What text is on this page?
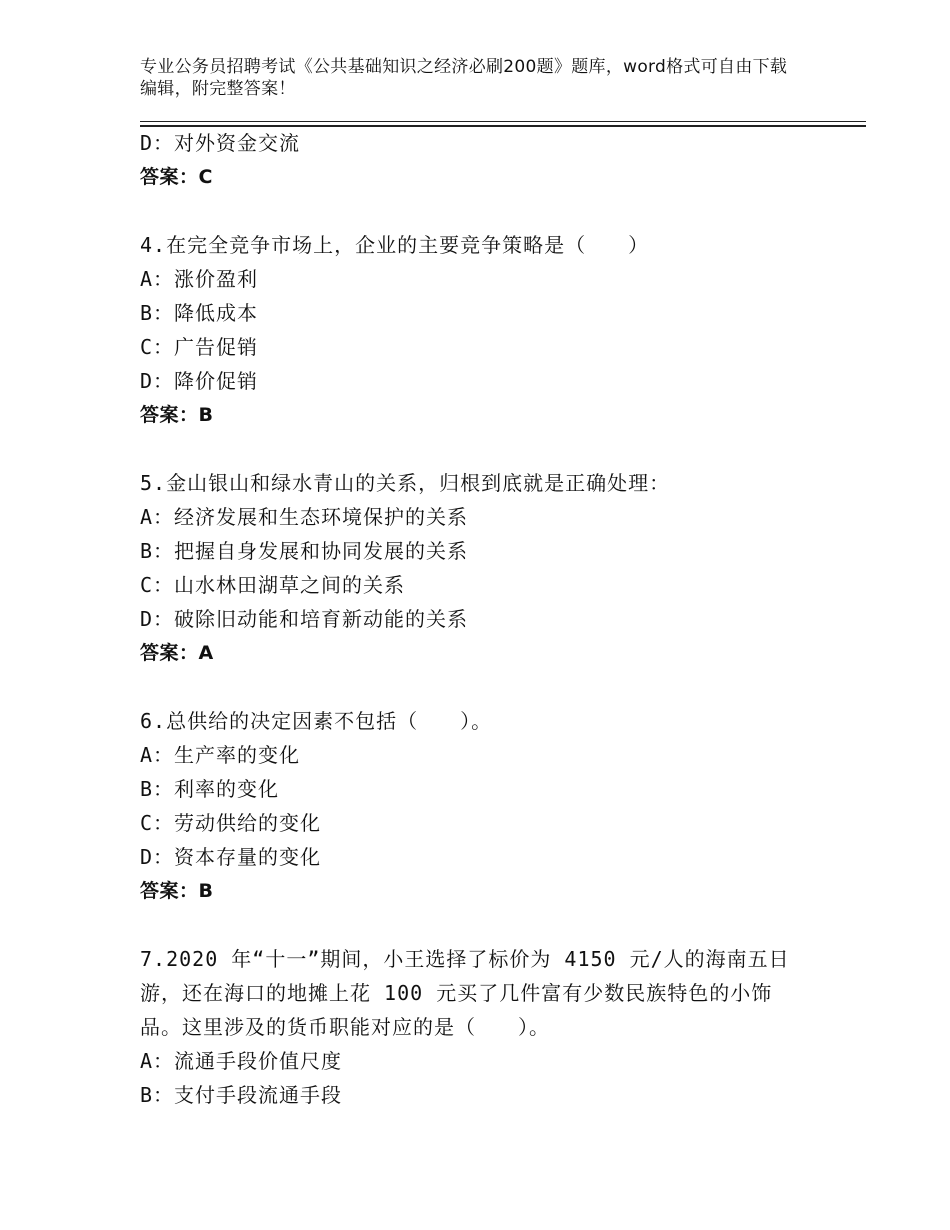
专业公务员招聘考试《公共基础知识之经济必刷200题》题库，word格式可自由下载编辑，附完整答案！
D：对外资金交流
答案：C
4.在完全竞争市场上，企业的主要竞争策略是（　　）
A：涨价盈利
B：降低成本
C：广告促销
D：降价促销
答案：B
5.金山银山和绿水青山的关系，归根到底就是正确处理：
A：经济发展和生态环境保护的关系
B：把握自身发展和协同发展的关系
C：山水林田湖草之间的关系
D：破除旧动能和培育新动能的关系
答案：A
6.总供给的决定因素不包括（　　）。
A：生产率的变化
B：利率的变化
C：劳动供给的变化
D：资本存量的变化
答案：B
7.2020 年“十一”期间，小王选择了标价为 4150 元/人的海南五日
游，还在海口的地摊上花 100 元买了几件富有少数民族特色的小饰
品。这里涉及的货币职能对应的是（　　）。
A：流通手段价值尺度
B：支付手段流通手段
